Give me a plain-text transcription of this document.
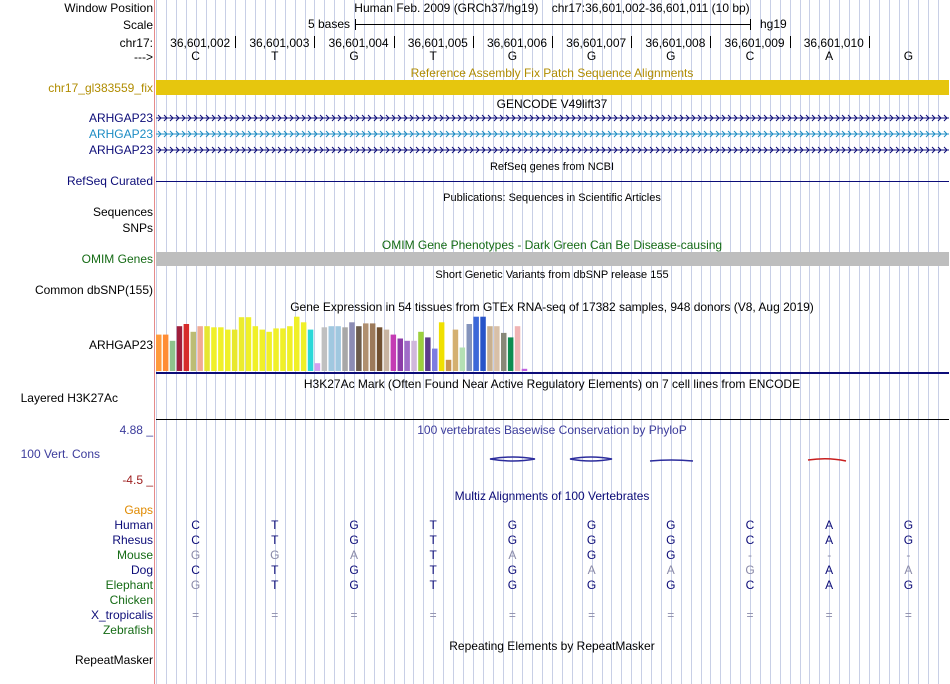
Window Position	Human Feb. 2009 (GRCh37/hg19) chr17:36,601,002-36,601,011 (10 bp)
Scale	5 bases	hg19
chr17: 36,601,002 36,601,003 36,601,004 36,601,005 36,601,006 36,601,007 36,601,008 36,601,009 36,601,010
--->	C	T	G	T	G	G	G	C	A	G
Reference Assembly Fix Patch Sequence Alignments
chr17_gl383559_fix
GENCODE V49lift37
ARHGAP23
ARHGAP23
ARHGAP23
RefSeq genes from NCBI
RefSeq Curated
Publications: Sequences in Scientific Articles
Sequences
SNPs
OMIM Gene Phenotypes - Dark Green Can Be Disease-causing
OMIM Genes
Short Genetic Variants from dbSNP release 155
Common dbSNP(155)
Gene Expression in 54 tissues from GTEx RNA-seq of 17382 samples, 948 donors (V8, Aug 2019)
ARHGAP23
H3K27Ac Mark (Often Found Near Active Regulatory Elements) on 7 cell lines from ENCODE
Layered H3K27Ac
4.88 _	100 vertebrates Basewise Conservation by PhyloP
100 Vert. Cons
-4.5 _
Multiz Alignments of 100 Vertebrates
Gaps
Human	C	T	G	T	G	G	G	C	A	G
Rhesus	C	T	G	T	G	G	G	C	A	G
Mouse	G	G	A	T	A	G	G	-	-	-
Dog	C	T	G	T	G	A	A	G	A	A
Elephant	G	T	G	T	G	G	G	C	A	G
Chicken
X_tropicalis	=	=	=	=	=	=	=	=	=	=
Zebrafish
Repeating Elements by RepeatMasker
RepeatMasker
